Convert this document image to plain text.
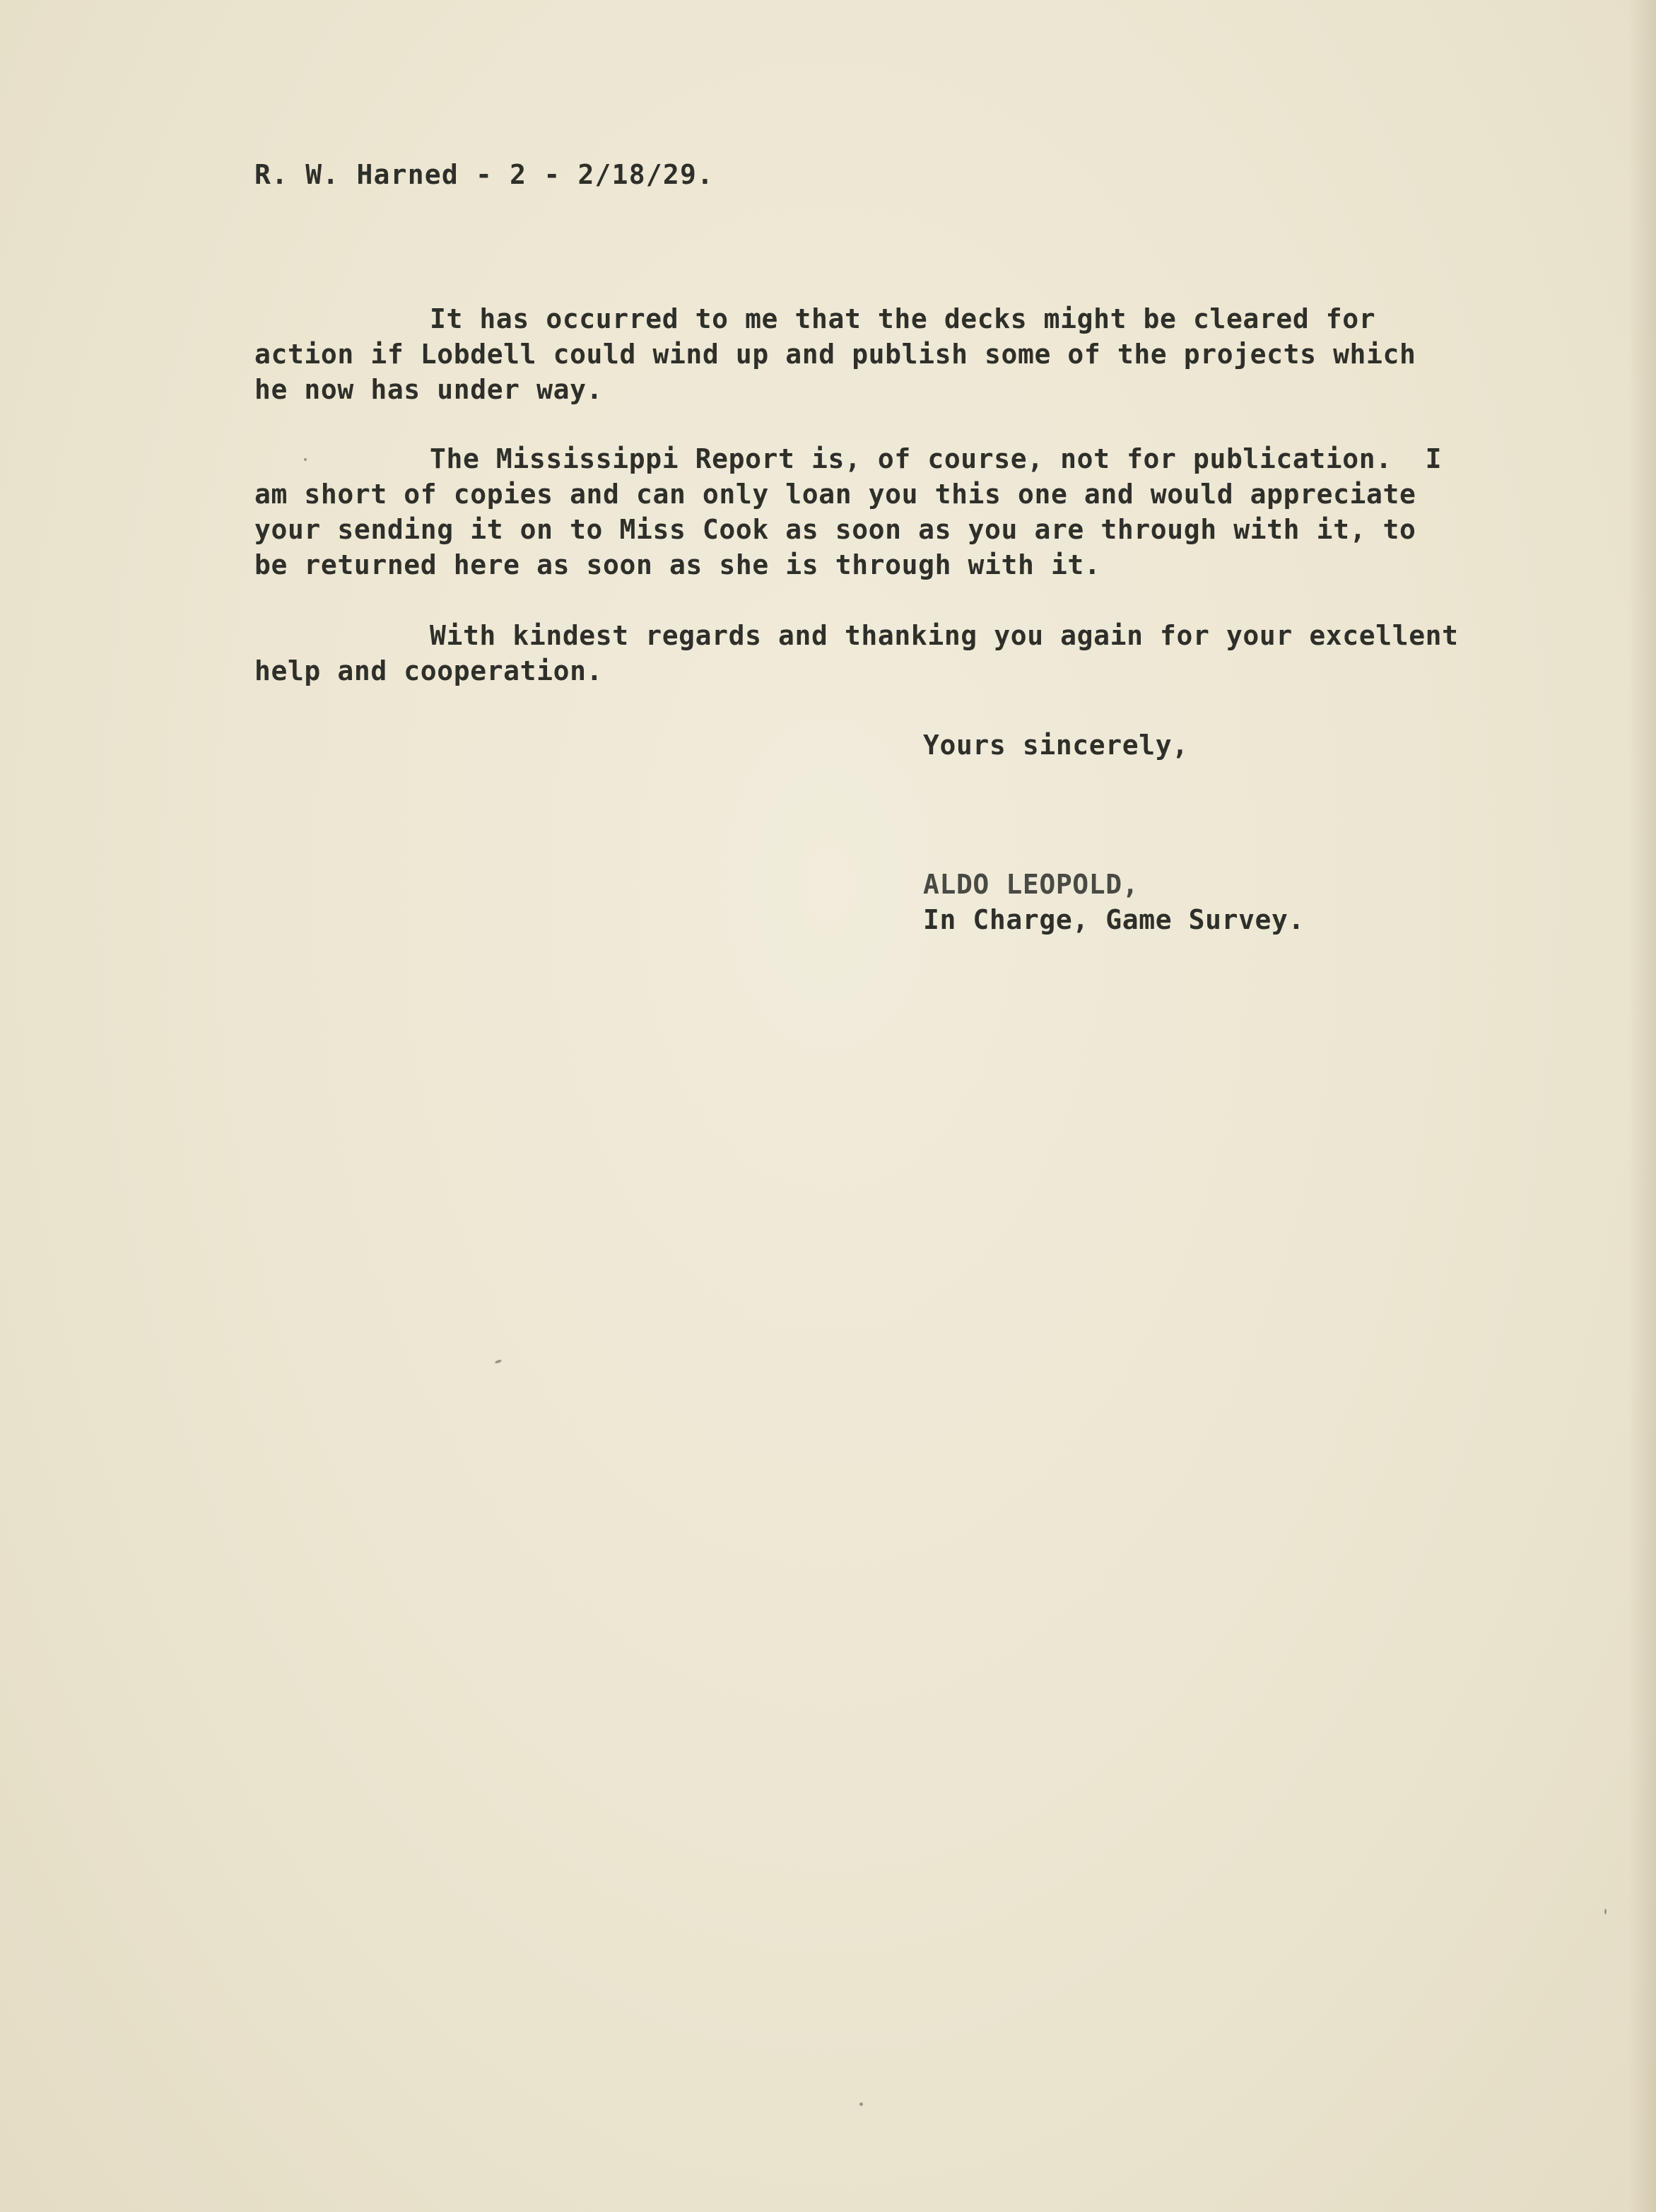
R. W. Harned - 2 - 2/18/29.
It has occurred to me that the decks might be cleared for
action if Lobdell could wind up and publish some of the projects which
he now has under way.
The Mississippi Report is, of course, not for publication.  I
am short of copies and can only loan you this one and would appreciate
your sending it on to Miss Cook as soon as you are through with it, to
be returned here as soon as she is through with it.
With kindest regards and thanking you again for your excellent
help and cooperation.
Yours sincerely,
ALDO LEOPOLD,
In Charge, Game Survey.
